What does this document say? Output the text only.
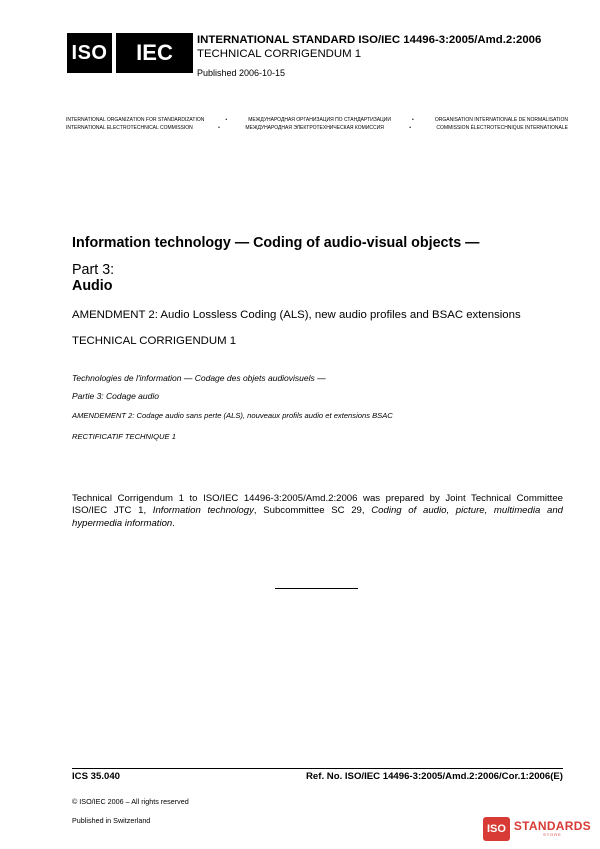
ISO	IEC	INTERNATIONAL STANDARD ISO/IEC 14496-3:2005/Amd.2:2006
TECHNICAL CORRIGENDUM 1
Published 2006-10-15
INTERNATIONAL ORGANIZATION FOR STANDARDIZATION	•	МЕЖДУНАРОДНАЯ ОРГАНИЗАЦИЯ ПО СТАНДАРТИЗАЦИИ	•	ORGANISATION INTERNATIONALE DE NORMALISATION
INTERNATIONAL ELECTROTECHNICAL COMMISSION	•	МЕЖДУНАРОДНАЯ ЭЛЕКТРОТЕХНИЧЕСКАЯ КОМИССИЯ	•	COMMISSION ÉLECTROTECHNIQUE INTERNATIONALE
Information technology — Coding of audio-visual objects —
Part 3:
Audio
AMENDMENT 2: Audio Lossless Coding (ALS), new audio profiles and BSAC extensions
TECHNICAL CORRIGENDUM 1
Technologies de l'information — Codage des objets audiovisuels —
Partie 3: Codage audio
AMENDEMENT 2: Codage audio sans perte (ALS), nouveaux profils audio et extensions BSAC
RECTIFICATIF TECHNIQUE 1
Technical Corrigendum 1 to ISO/IEC 14496-3:2005/Amd.2:2006 was prepared by Joint Technical Committee ISO/IEC JTC 1, Information technology, Subcommittee SC 29, Coding of audio, picture, multimedia and hypermedia information.
ICS 35.040	Ref. No. ISO/IEC 14496-3:2005/Amd.2:2006/Cor.1:2006(E)
© ISO/IEC 2006 – All rights reserved
Published in Switzerland
ISO STANDARDS
STORE
